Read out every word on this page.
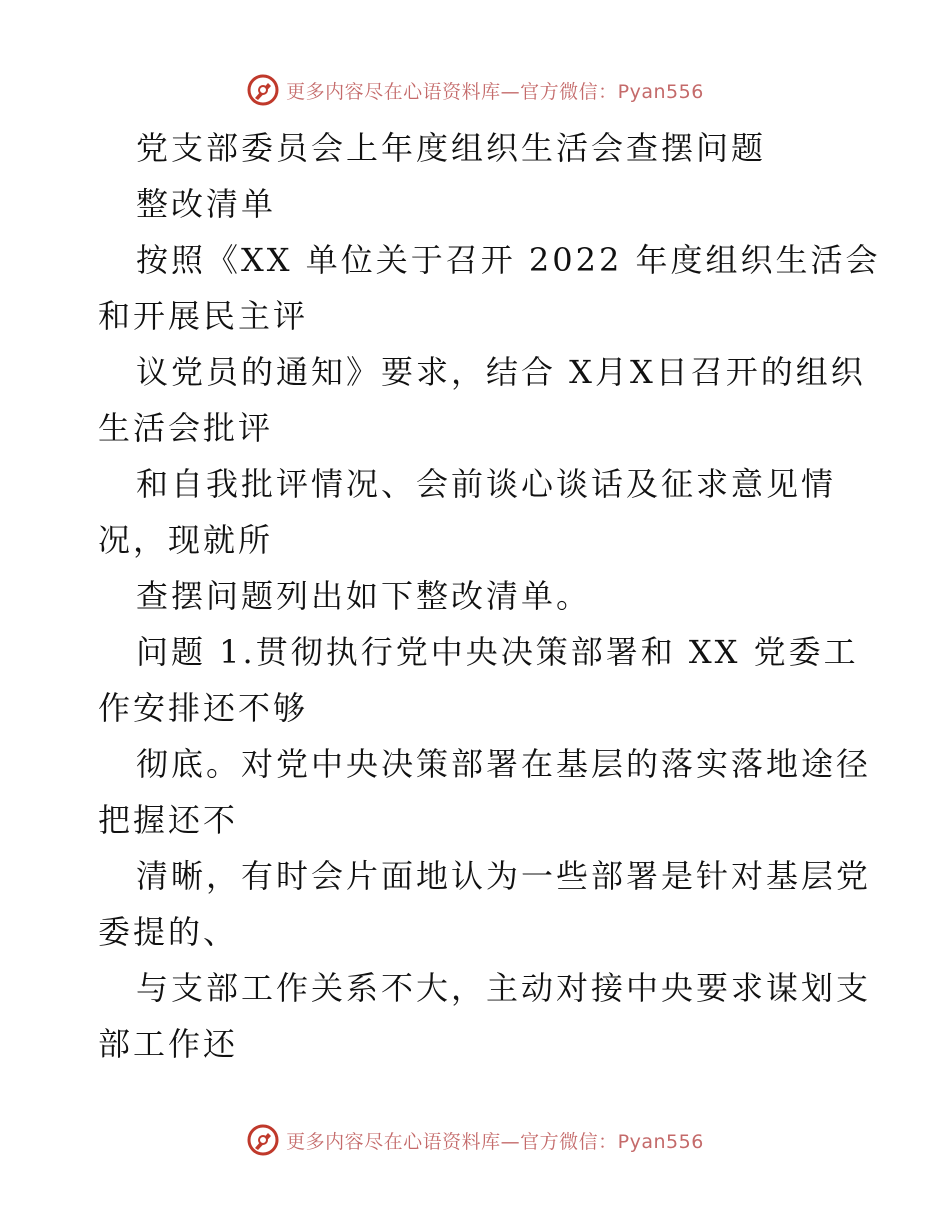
更多内容尽在心语资料库—官方微信：Pyan556
党支部委员会上年度组织生活会查摆问题
整改清单
按照《XX 单位关于召开 2022 年度组织生活会
和开展民主评
议党员的通知》要求，结合 X月X日召开的组织
生活会批评
和自我批评情况、会前谈心谈话及征求意见情
况，现就所
查摆问题列出如下整改清单。
问题 1.贯彻执行党中央决策部署和 XX 党委工
作安排还不够
彻底。对党中央决策部署在基层的落实落地途径
把握还不
清晰，有时会片面地认为一些部署是针对基层党
委提的、
与支部工作关系不大，主动对接中央要求谋划支
部工作还
更多内容尽在心语资料库—官方微信：Pyan556
